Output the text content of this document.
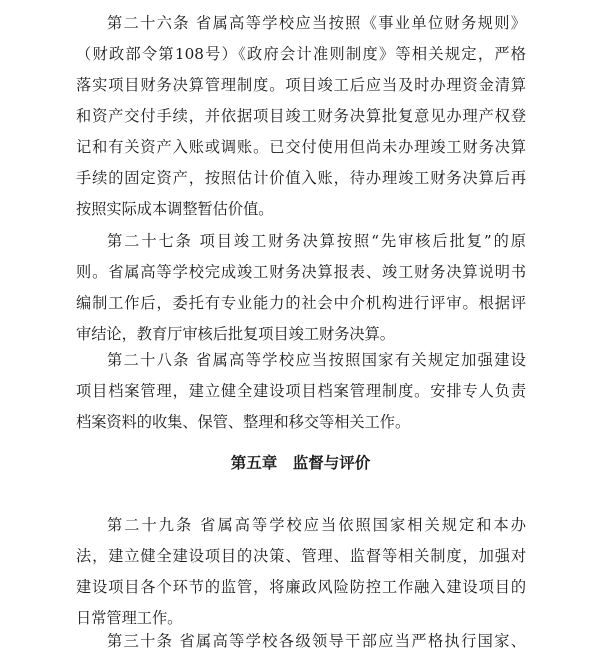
第二十六条 省属高等学校应当按照《事业单位财务规则》
（财政部令第108号）《政府会计准则制度》等相关规定，严格
落实项目财务决算管理制度。项目竣工后应当及时办理资金清算
和资产交付手续，并依据项目竣工财务决算批复意见办理产权登
记和有关资产入账或调账。已交付使用但尚未办理竣工财务决算
手续的固定资产，按照估计价值入账，待办理竣工财务决算后再
按照实际成本调整暂估价值。
第二十七条 项目竣工财务决算按照“先审核后批复”的原
则。省属高等学校完成竣工财务决算报表、竣工财务决算说明书
编制工作后，委托有专业能力的社会中介机构进行评审。根据评
审结论，教育厅审核后批复项目竣工财务决算。
第二十八条 省属高等学校应当按照国家有关规定加强建设
项目档案管理，建立健全建设项目档案管理制度。安排专人负责
档案资料的收集、保管、整理和移交等相关工作。
第五章 监督与评价
第二十九条 省属高等学校应当依照国家相关规定和本办
法，建立健全建设项目的决策、管理、监督等相关制度，加强对
建设项目各个环节的监管，将廉政风险防控工作融入建设项目的
日常管理工作。
第三十条 省属高等学校各级领导干部应当严格执行国家、
